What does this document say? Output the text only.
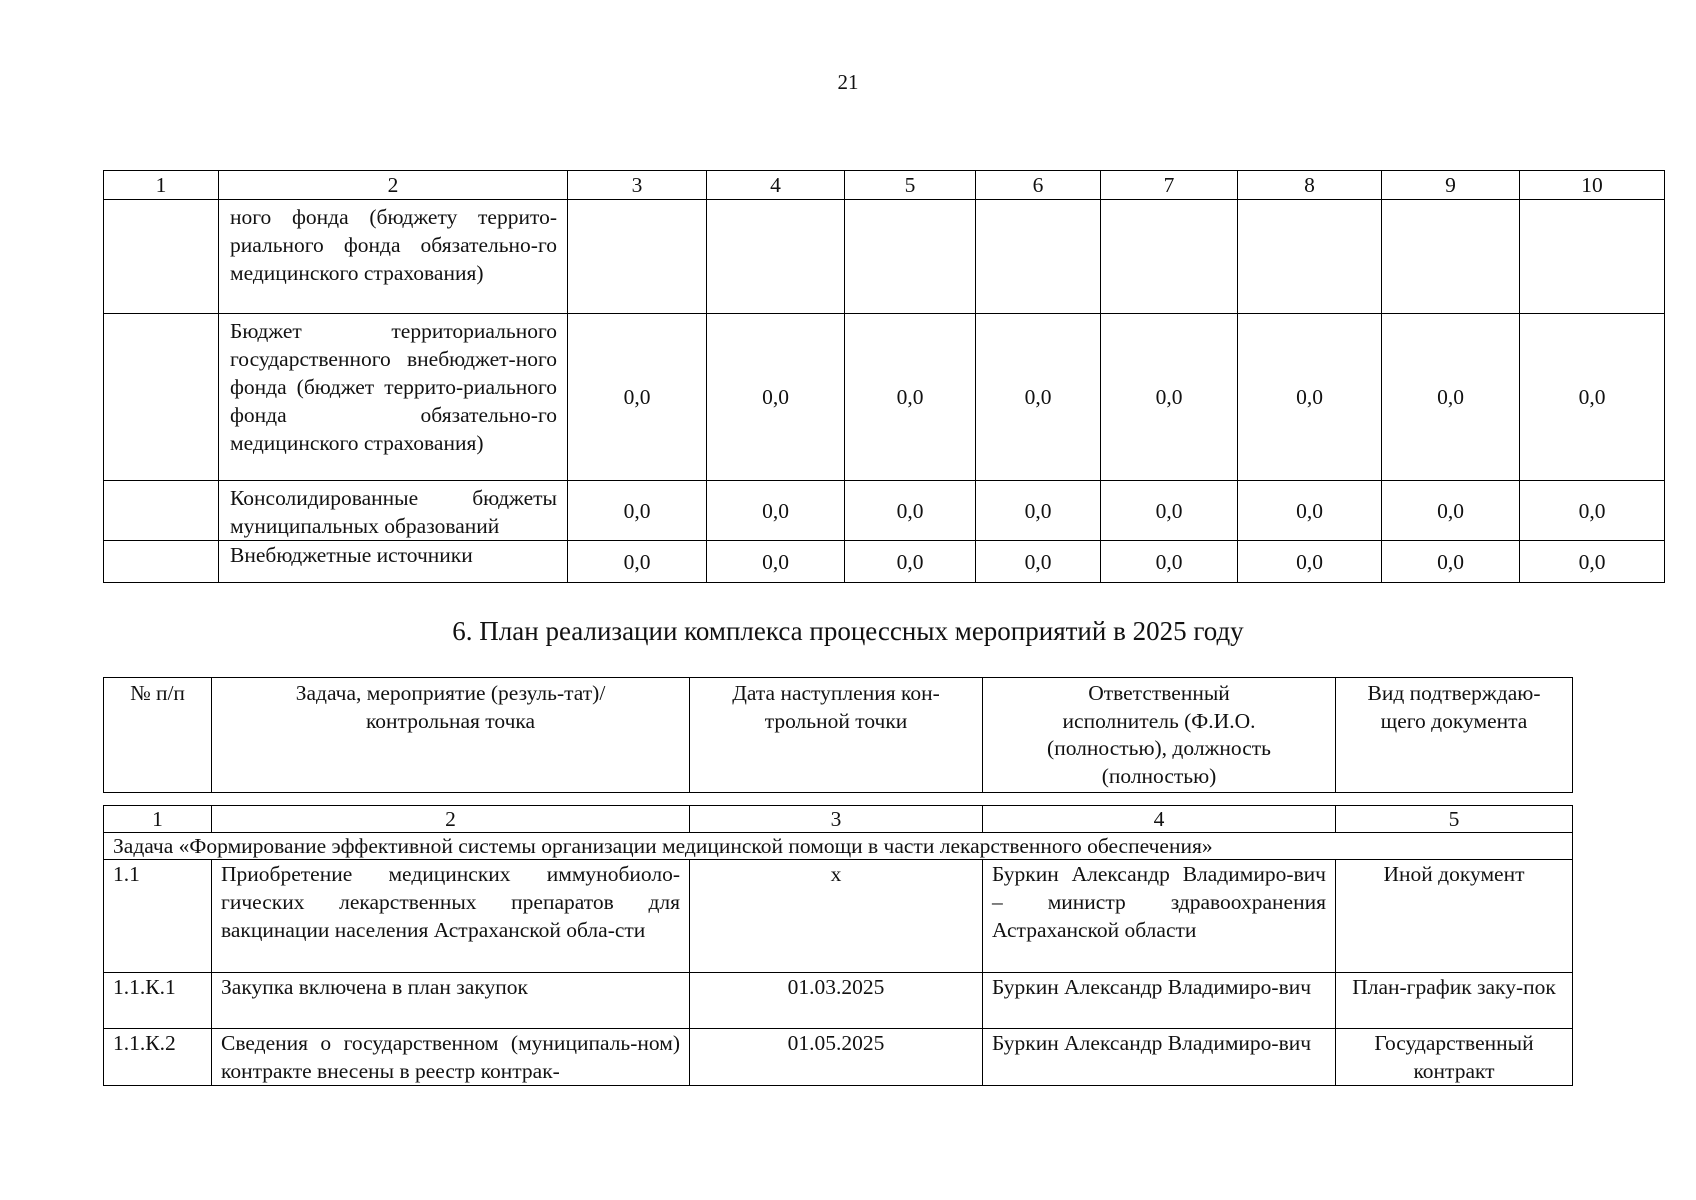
21
1	2	3	4	5	6	7	8	9	10
	ного фонда (бюджету террито-риального фонда обязательно-го медицинского страхования)								
	Бюджет территориального государственного внебюджет-ного фонда (бюджет террито-риального фонда обязательно-го медицинского страхования)	0,0	0,0	0,0	0,0	0,0	0,0	0,0	0,0
	Консолидированные бюджеты муниципальных образований	0,0	0,0	0,0	0,0	0,0	0,0	0,0	0,0
	Внебюджетные источники	0,0	0,0	0,0	0,0	0,0	0,0	0,0	0,0
6. План реализации комплекса процессных мероприятий в 2025 году
№ п/п	Задача, мероприятие (резуль-тат)/контрольная точка	Дата наступления кон-трольной точки	Ответственный исполнитель (Ф.И.О. (полностью), должность (полностью)	Вид подтверждаю-щего документа
1	2	3	4	5
Задача «Формирование эффективной системы организации медицинской помощи в части лекарственного обеспечения»				
1.1	Приобретение медицинских иммунобиоло-гических лекарственных препаратов для вакцинации населения Астраханской обла-сти	х	Буркин Александр Владимиро-вич – министр здравоохранения Астраханской области	Иной документ
1.1.К.1	Закупка включена в план закупок	01.03.2025	Буркин Александр Владимиро-вич	План-график заку-пок
1.1.К.2	Сведения о государственном (муниципаль-ном) контракте внесены в реестр контрак-	01.05.2025	Буркин Александр Владимиро-вич	Государственный контракт
